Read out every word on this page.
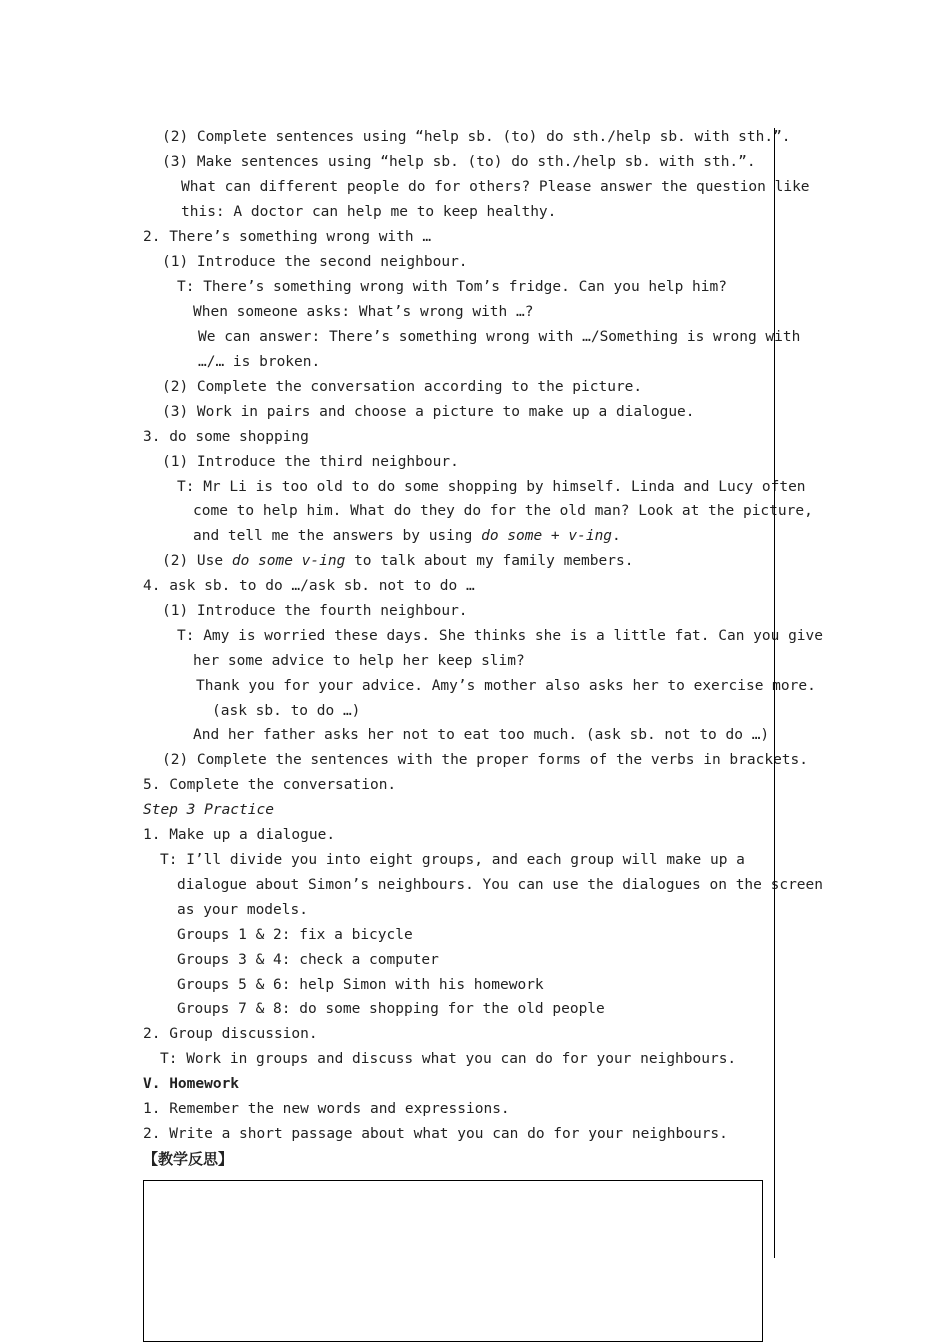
(2) Complete sentences using “help sb. (to) do sth./help sb. with sth.”.
(3) Make sentences using “help sb. (to) do sth./help sb. with sth.”.
What can different people do for others? Please answer the question like
this: A doctor can help me to keep healthy.
2. There’s something wrong with …
(1) Introduce the second neighbour.
T: There’s something wrong with Tom’s fridge. Can you help him?
When someone asks: What’s wrong with …?
We can answer: There’s something wrong with …/Something is wrong with
…/… is broken.
(2) Complete the conversation according to the picture.
(3) Work in pairs and choose a picture to make up a dialogue.
3. do some shopping
(1) Introduce the third neighbour.
T: Mr Li is too old to do some shopping by himself. Linda and Lucy often
come to help him. What do they do for the old man? Look at the picture,
and tell me the answers by using do some + v-ing.
(2) Use do some v-ing to talk about my family members.
4. ask sb. to do …/ask sb. not to do …
(1) Introduce the fourth neighbour.
T: Amy is worried these days. She thinks she is a little fat. Can you give
her some advice to help her keep slim?
Thank you for your advice. Amy’s mother also asks her to exercise more.
(ask sb. to do …)
And her father asks her not to eat too much. (ask sb. not to do …)
(2) Complete the sentences with the proper forms of the verbs in brackets.
5. Complete the conversation.
Step 3 Practice
1. Make up a dialogue.
T: I’ll divide you into eight groups, and each group will make up a
dialogue about Simon’s neighbours. You can use the dialogues on the screen
as your models.
Groups 1 & 2: fix a bicycle
Groups 3 & 4: check a computer
Groups 5 & 6: help Simon with his homework
Groups 7 & 8: do some shopping for the old people
2. Group discussion.
T: Work in groups and discuss what you can do for your neighbours.
V. Homework
1. Remember the new words and expressions.
2. Write a short passage about what you can do for your neighbours.
【教学反思】
